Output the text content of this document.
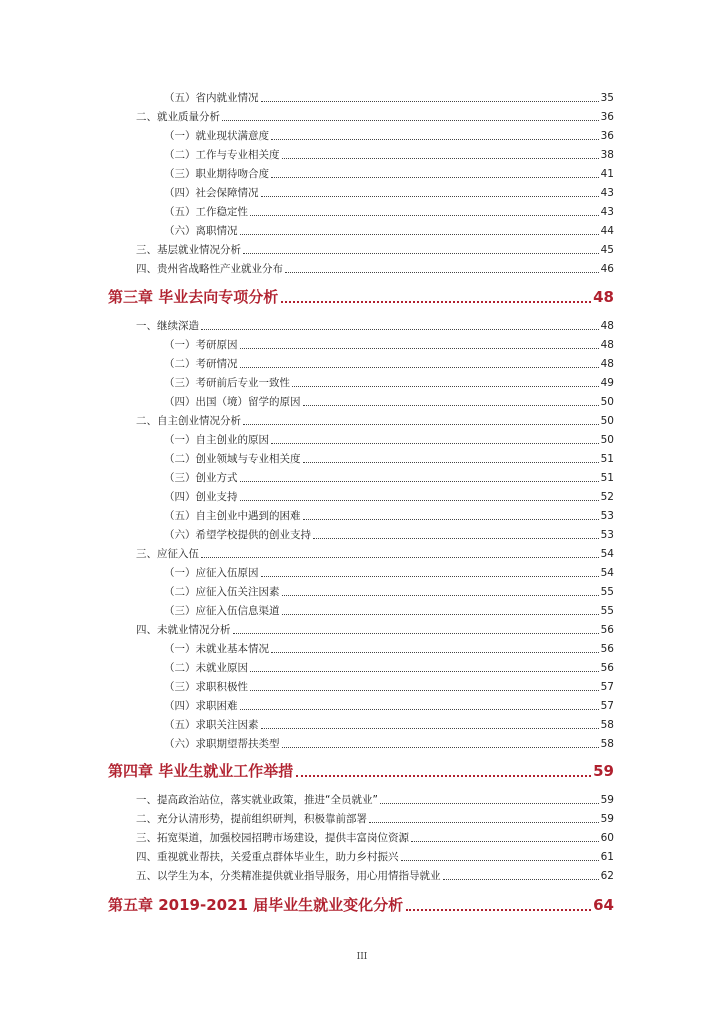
（五）省内就业情况	35
二、就业质量分析	36
（一）就业现状满意度	36
（二）工作与专业相关度	38
（三）职业期待吻合度	41
（四）社会保障情况	43
（五）工作稳定性	43
（六）离职情况	44
三、基层就业情况分析	45
四、贵州省战略性产业就业分布	46
第三章 毕业去向专项分析	48
一、继续深造	48
（一）考研原因	48
（二）考研情况	48
（三）考研前后专业一致性	49
（四）出国（境）留学的原因	50
二、自主创业情况分析	50
（一）自主创业的原因	50
（二）创业领域与专业相关度	51
（三）创业方式	51
（四）创业支持	52
（五）自主创业中遇到的困难	53
（六）希望学校提供的创业支持	53
三、应征入伍	54
（一）应征入伍原因	54
（二）应征入伍关注因素	55
（三）应征入伍信息渠道	55
四、未就业情况分析	56
（一）未就业基本情况	56
（二）未就业原因	56
（三）求职积极性	57
（四）求职困难	57
（五）求职关注因素	58
（六）求职期望帮扶类型	58
第四章 毕业生就业工作举措	59
一、提高政治站位，落实就业政策，推进“全员就业”	59
二、充分认清形势，提前组织研判，积极靠前部署	59
三、拓宽渠道，加强校园招聘市场建设，提供丰富岗位资源	60
四、重视就业帮扶，关爱重点群体毕业生，助力乡村振兴	61
五、以学生为本，分类精准提供就业指导服务，用心用情指导就业	62
第五章 2019-2021 届毕业生就业变化分析	64
III
